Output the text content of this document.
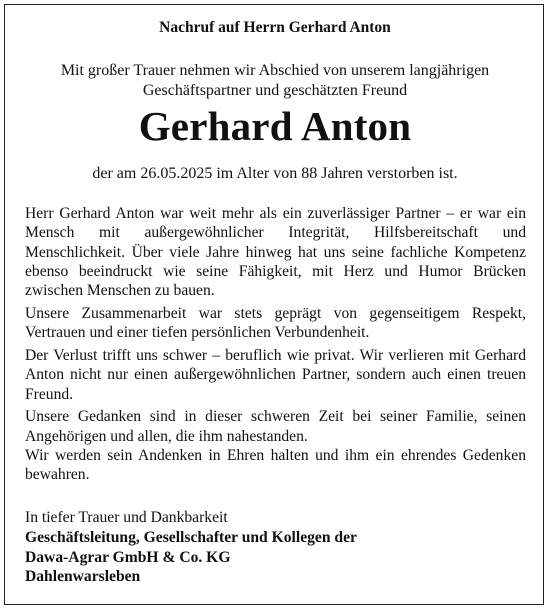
Nachruf auf Herrn Gerhard Anton
Mit großer Trauer nehmen wir Abschied von unserem langjährigen
Geschäftspartner und geschätzten Freund
Gerhard Anton
der am 26.05.2025 im Alter von 88 Jahren verstorben ist.

Herr Gerhard Anton war weit mehr als ein zuverlässiger Partner – er war ein Mensch mit außergewöhnlicher Integrität, Hilfsbereitschaft und Menschlichkeit. Über viele Jahre hinweg hat uns seine fachliche Kompetenz ebenso beeindruckt wie seine Fähigkeit, mit Herz und Humor Brücken zwischen Menschen zu bauen.

Unsere Zusammenarbeit war stets geprägt von gegenseitigem Respekt, Vertrauen und einer tiefen persönlichen Verbundenheit.

Der Verlust trifft uns schwer – beruflich wie privat. Wir verlieren mit Gerhard Anton nicht nur einen außergewöhnlichen Partner, sondern auch einen treuen Freund.

Unsere Gedanken sind in dieser schweren Zeit bei seiner Familie, seinen Angehörigen und allen, die ihm nahestanden.

Wir werden sein Andenken in Ehren halten und ihm ein ehrendes Gedenken bewahren.

In tiefer Trauer und Dankbarkeit
Geschäftsleitung, Gesellschafter und Kollegen der
Dawa-Agrar GmbH & Co. KG
Dahlenwarsleben
